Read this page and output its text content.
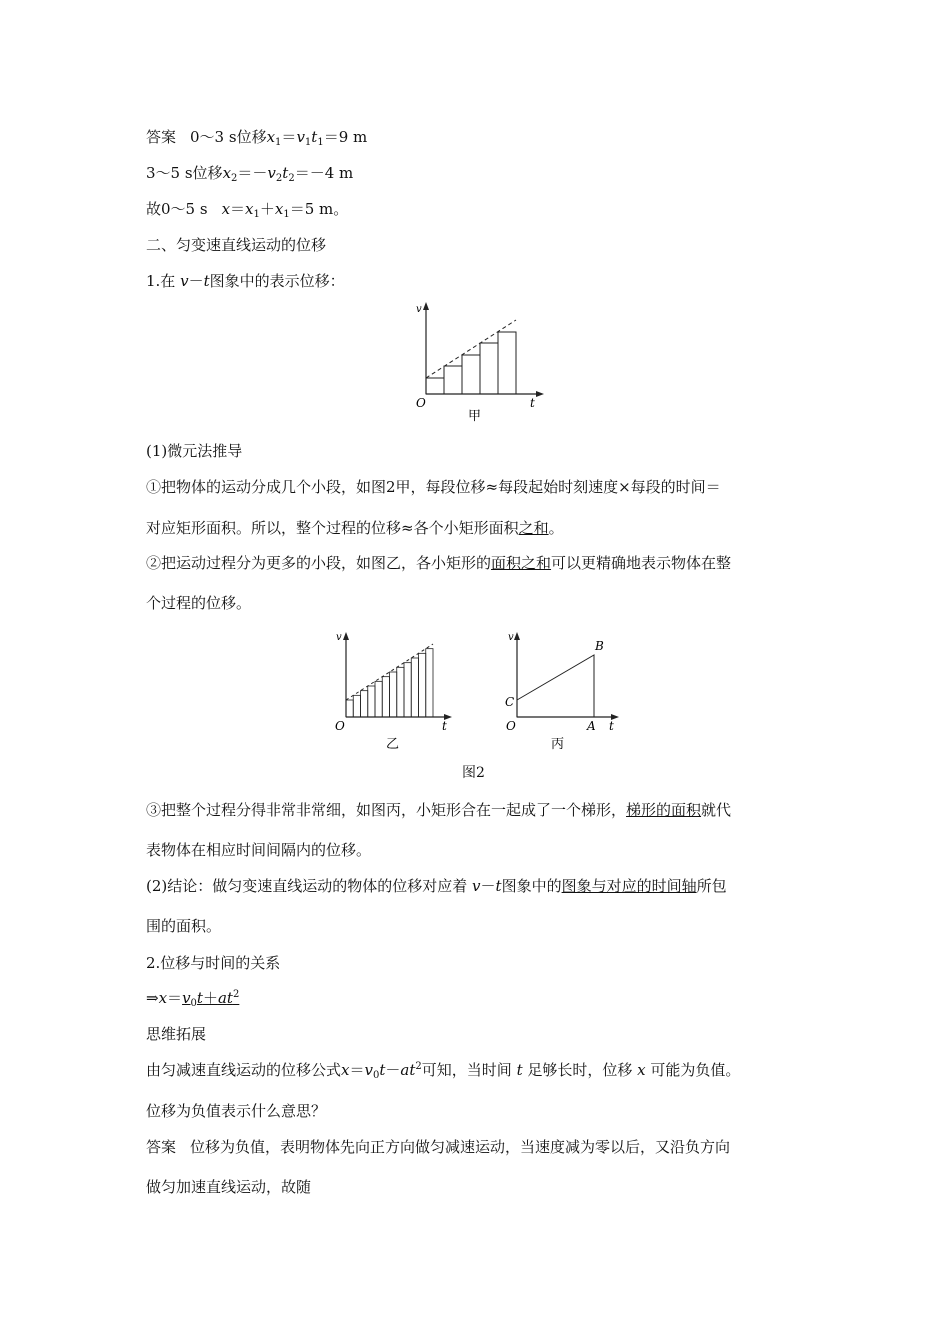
答案 0～3 s位移$x_1=v_1t_1=9$ m
3～5 s位移$x_2=-v_2t_2=-4$ m
故0～5 s $x=x_1+x_1=5$ m。
二、匀变速直线运动的位移
1.在 v－t图象中的表示位移：
v
O	t
甲
(1)微元法推导
①把物体的运动分成几个小段，如图2甲，每段位移≈每段起始时刻速度×每段的时间＝
对应矩形面积。所以，整个过程的位移≈各个小矩形面积之和。
②把运动过程分为更多的小段，如图乙，各小矩形的面积之和可以更精确地表示物体在整
个过程的位移。
v
O	t
乙
v
O	t
B
C
A
丙
图2
③把整个过程分得非常非常细，如图丙，小矩形合在一起成了一个梯形，梯形的面积就代
表物体在相应时间间隔内的位移。
(2)结论：做匀变速直线运动的物体的位移对应着 v－t图象中的图象与对应的时间轴所包
围的面积。
2.位移与时间的关系
$\Rightarrow x=v_0t+at^2$
思维拓展
由匀减速直线运动的位移公式$x=v_0t-at^2$可知，当时间 t 足够长时，位移 x 可能为负值。
位移为负值表示什么意思？
答案 位移为负值，表明物体先向正方向做匀减速运动，当速度减为零以后，又沿负方向
做匀加速直线运动，故随
